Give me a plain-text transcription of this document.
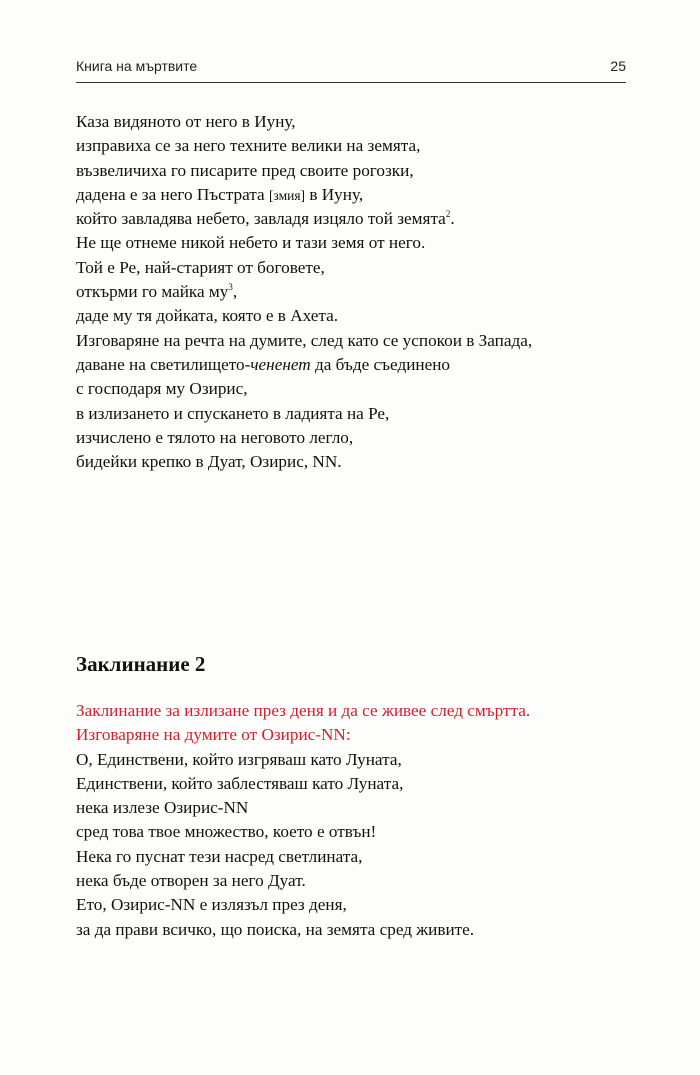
Книга на мъртвите	25
Каза видяното от него в Иуну,
изправиха се за него техните велики на земята,
възвеличиха го писарите пред своите рогозки,
дадена е за него Пъстрата [змия] в Иуну,
който завладява небето, завладя изцяло той земята$^2$.
Не ще отнеме никой небето и тази земя от него.
Той е Ре, най-старият от боговете,
откърми го майка $му^3$,
даде му тя дойката, която е в Ахета.
Изговаряне на речта на думите, след като се успокои в Запада,
даване на светилището-чененет да бъде съединено
с господаря му Озирис,
в излизането и спускането в ладията на Ре,
изчислено е тялото на неговото легло,
бидейки крепко в Дуат, Озирис, NN.
Заклинание 2
Заклинание за излизане през деня и да се живее след смъртта.
Изговаряне на думите от Озирис-NN:
О, Единствени, който изгряваш като Луната,
Единствени, който заблестяваш като Луната,
нека излезе Озирис-NN
сред това твое множество, което е отвън!
Нека го пуснат тези насред светлината,
нека бъде отворен за него Дуат.
Ето, Озирис-NN е излязъл през деня,
за да прави всичко, що поиска, на земята сред живите.
